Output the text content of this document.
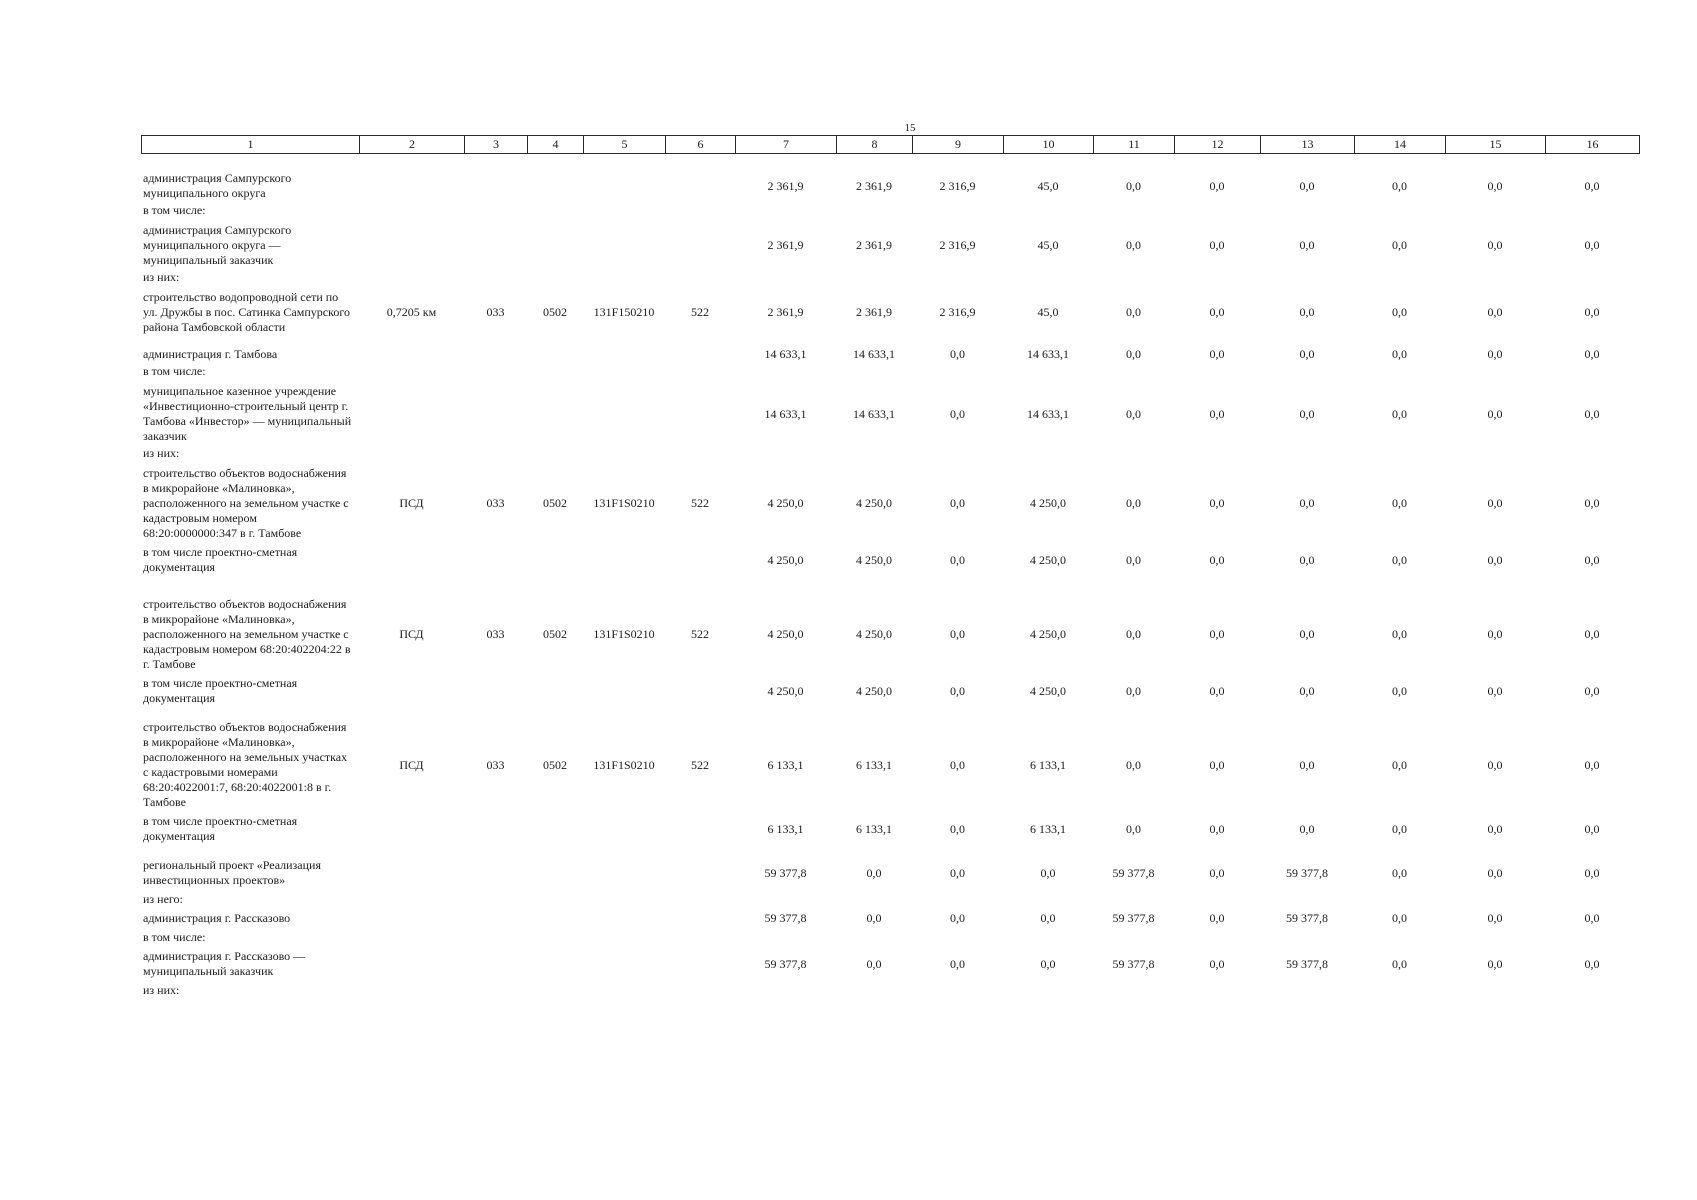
15
1	2	3	4	5	6	7	8	9	10	11	12	13	14	15	16
администрация Сампурского муниципального округа						2 361,9	2 361,9	2 316,9	45,0	0,0	0,0	0,0	0,0	0,0	0,0
в том числе:															

администрация Сампурского муниципального округа — муниципальный заказчик						2 361,9	2 361,9	2 316,9	45,0	0,0	0,0	0,0	0,0	0,0	0,0
из них:															

строительство водопроводной сети по ул. Дружбы в пос. Сатинка Сампурского района Тамбовской области	0,7205 км	033	0502	131F150210	522	2 361,9	2 361,9	2 316,9	45,0	0,0	0,0	0,0	0,0	0,0	0,0

администрация г. Тамбова						14 633,1	14 633,1	0,0	14 633,1	0,0	0,0	0,0	0,0	0,0	0,0
в том числе:															

муниципальное казенное учреждение «Инвестиционно-строительный центр г. Тамбова «Инвестор» — муниципальный заказчик						14 633,1	14 633,1	0,0	14 633,1	0,0	0,0	0,0	0,0	0,0	0,0
из них:															

строительство объектов водоснабжения в микрорайоне «Малиновка», расположенного на земельном участке с кадастровым номером 68:20:0000000:347 в г. Тамбове	ПСД	033	0502	131F1S0210	522	4 250,0	4 250,0	0,0	4 250,0	0,0	0,0	0,0	0,0	0,0	0,0

в том числе проектно-сметная документация						4 250,0	4 250,0	0,0	4 250,0	0,0	0,0	0,0	0,0	0,0	0,0

строительство объектов водоснабжения в микрорайоне «Малиновка», расположенного на земельном участке с кадастровым номером 68:20:402204:22 в г. Тамбове	ПСД	033	0502	131F1S0210	522	4 250,0	4 250,0	0,0	4 250,0	0,0	0,0	0,0	0,0	0,0	0,0

в том числе проектно-сметная документация						4 250,0	4 250,0	0,0	4 250,0	0,0	0,0	0,0	0,0	0,0	0,0

строительство объектов водоснабжения в микрорайоне «Малиновка», расположенного на земельных участках с кадастровыми номерами 68:20:4022001:7, 68:20:4022001:8 в г. Тамбове	ПСД	033	0502	131F1S0210	522	6 133,1	6 133,1	0,0	6 133,1	0,0	0,0	0,0	0,0	0,0	0,0

в том числе проектно-сметная документация						6 133,1	6 133,1	0,0	6 133,1	0,0	0,0	0,0	0,0	0,0	0,0

региональный проект «Реализация инвестиционных проектов»						59 377,8	0,0	0,0	0,0	59 377,8	0,0	59 377,8	0,0	0,0	0,0

из него:															

администрация г. Рассказово						59 377,8	0,0	0,0	0,0	59 377,8	0,0	59 377,8	0,0	0,0	0,0

в том числе:															

администрация г. Рассказово — муниципальный заказчик						59 377,8	0,0	0,0	0,0	59 377,8	0,0	59 377,8	0,0	0,0	0,0

из них:															
